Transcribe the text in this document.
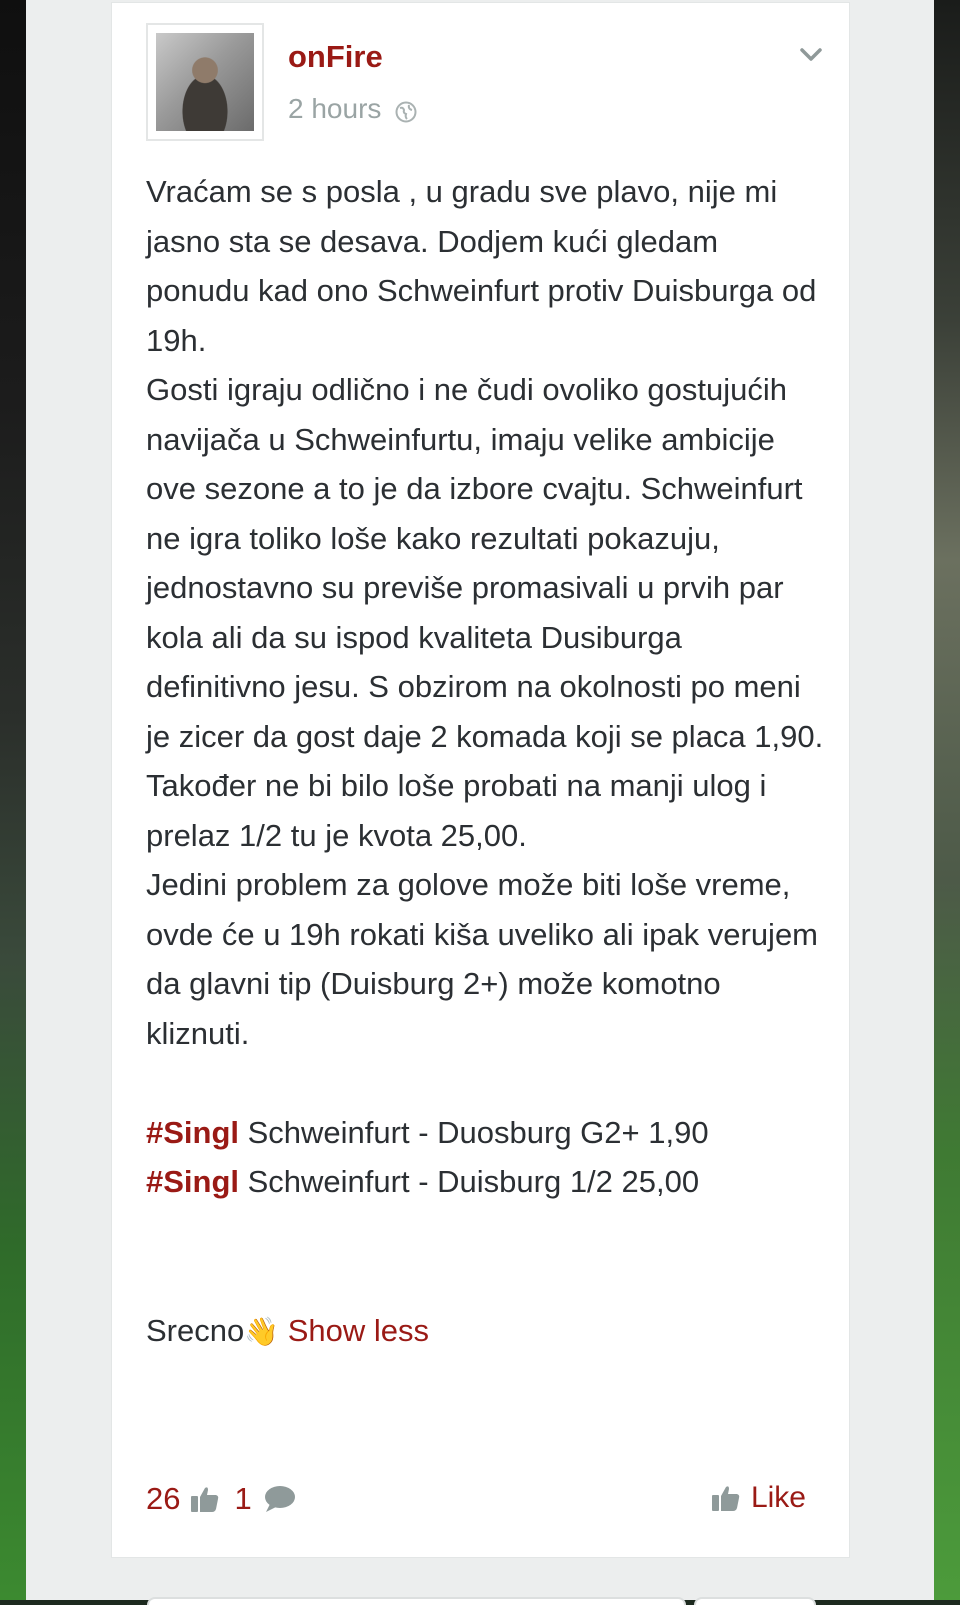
onFire
2 hours

Vraćam se s posla , u gradu sve plavo, nije mi jasno sta se desava. Dodjem kući gledam ponudu kad ono Schweinfurt protiv Duisburga od 19h.

Gosti igraju odlično i ne čudi ovoliko gostujućih navijača u Schweinfurtu, imaju velike ambicije ove sezone a to je da izbore cvajtu. Schweinfurt ne igra toliko loše kako rezultati pokazuju, jednostavno su previše promasivali u prvih par kola ali da su ispod kvaliteta Dusiburga definitivno jesu. S obzirom na okolnosti po meni je zicer da gost daje 2 komada koji se placa 1,90. Također ne bi bilo loše probati na manji ulog i prelaz 1/2 tu je kvota 25,00.

Jedini problem za golove može biti loše vreme, ovde će u 19h rokati kiša uveliko ali ipak verujem da glavni tip (Duisburg 2+) može komotno kliznuti.

#Singl Schweinfurt - Duosburg G2+ 1,90

#Singl Schweinfurt - Duisburg 1/2 25,00

Srecno👋 Show less

26 1	Like
